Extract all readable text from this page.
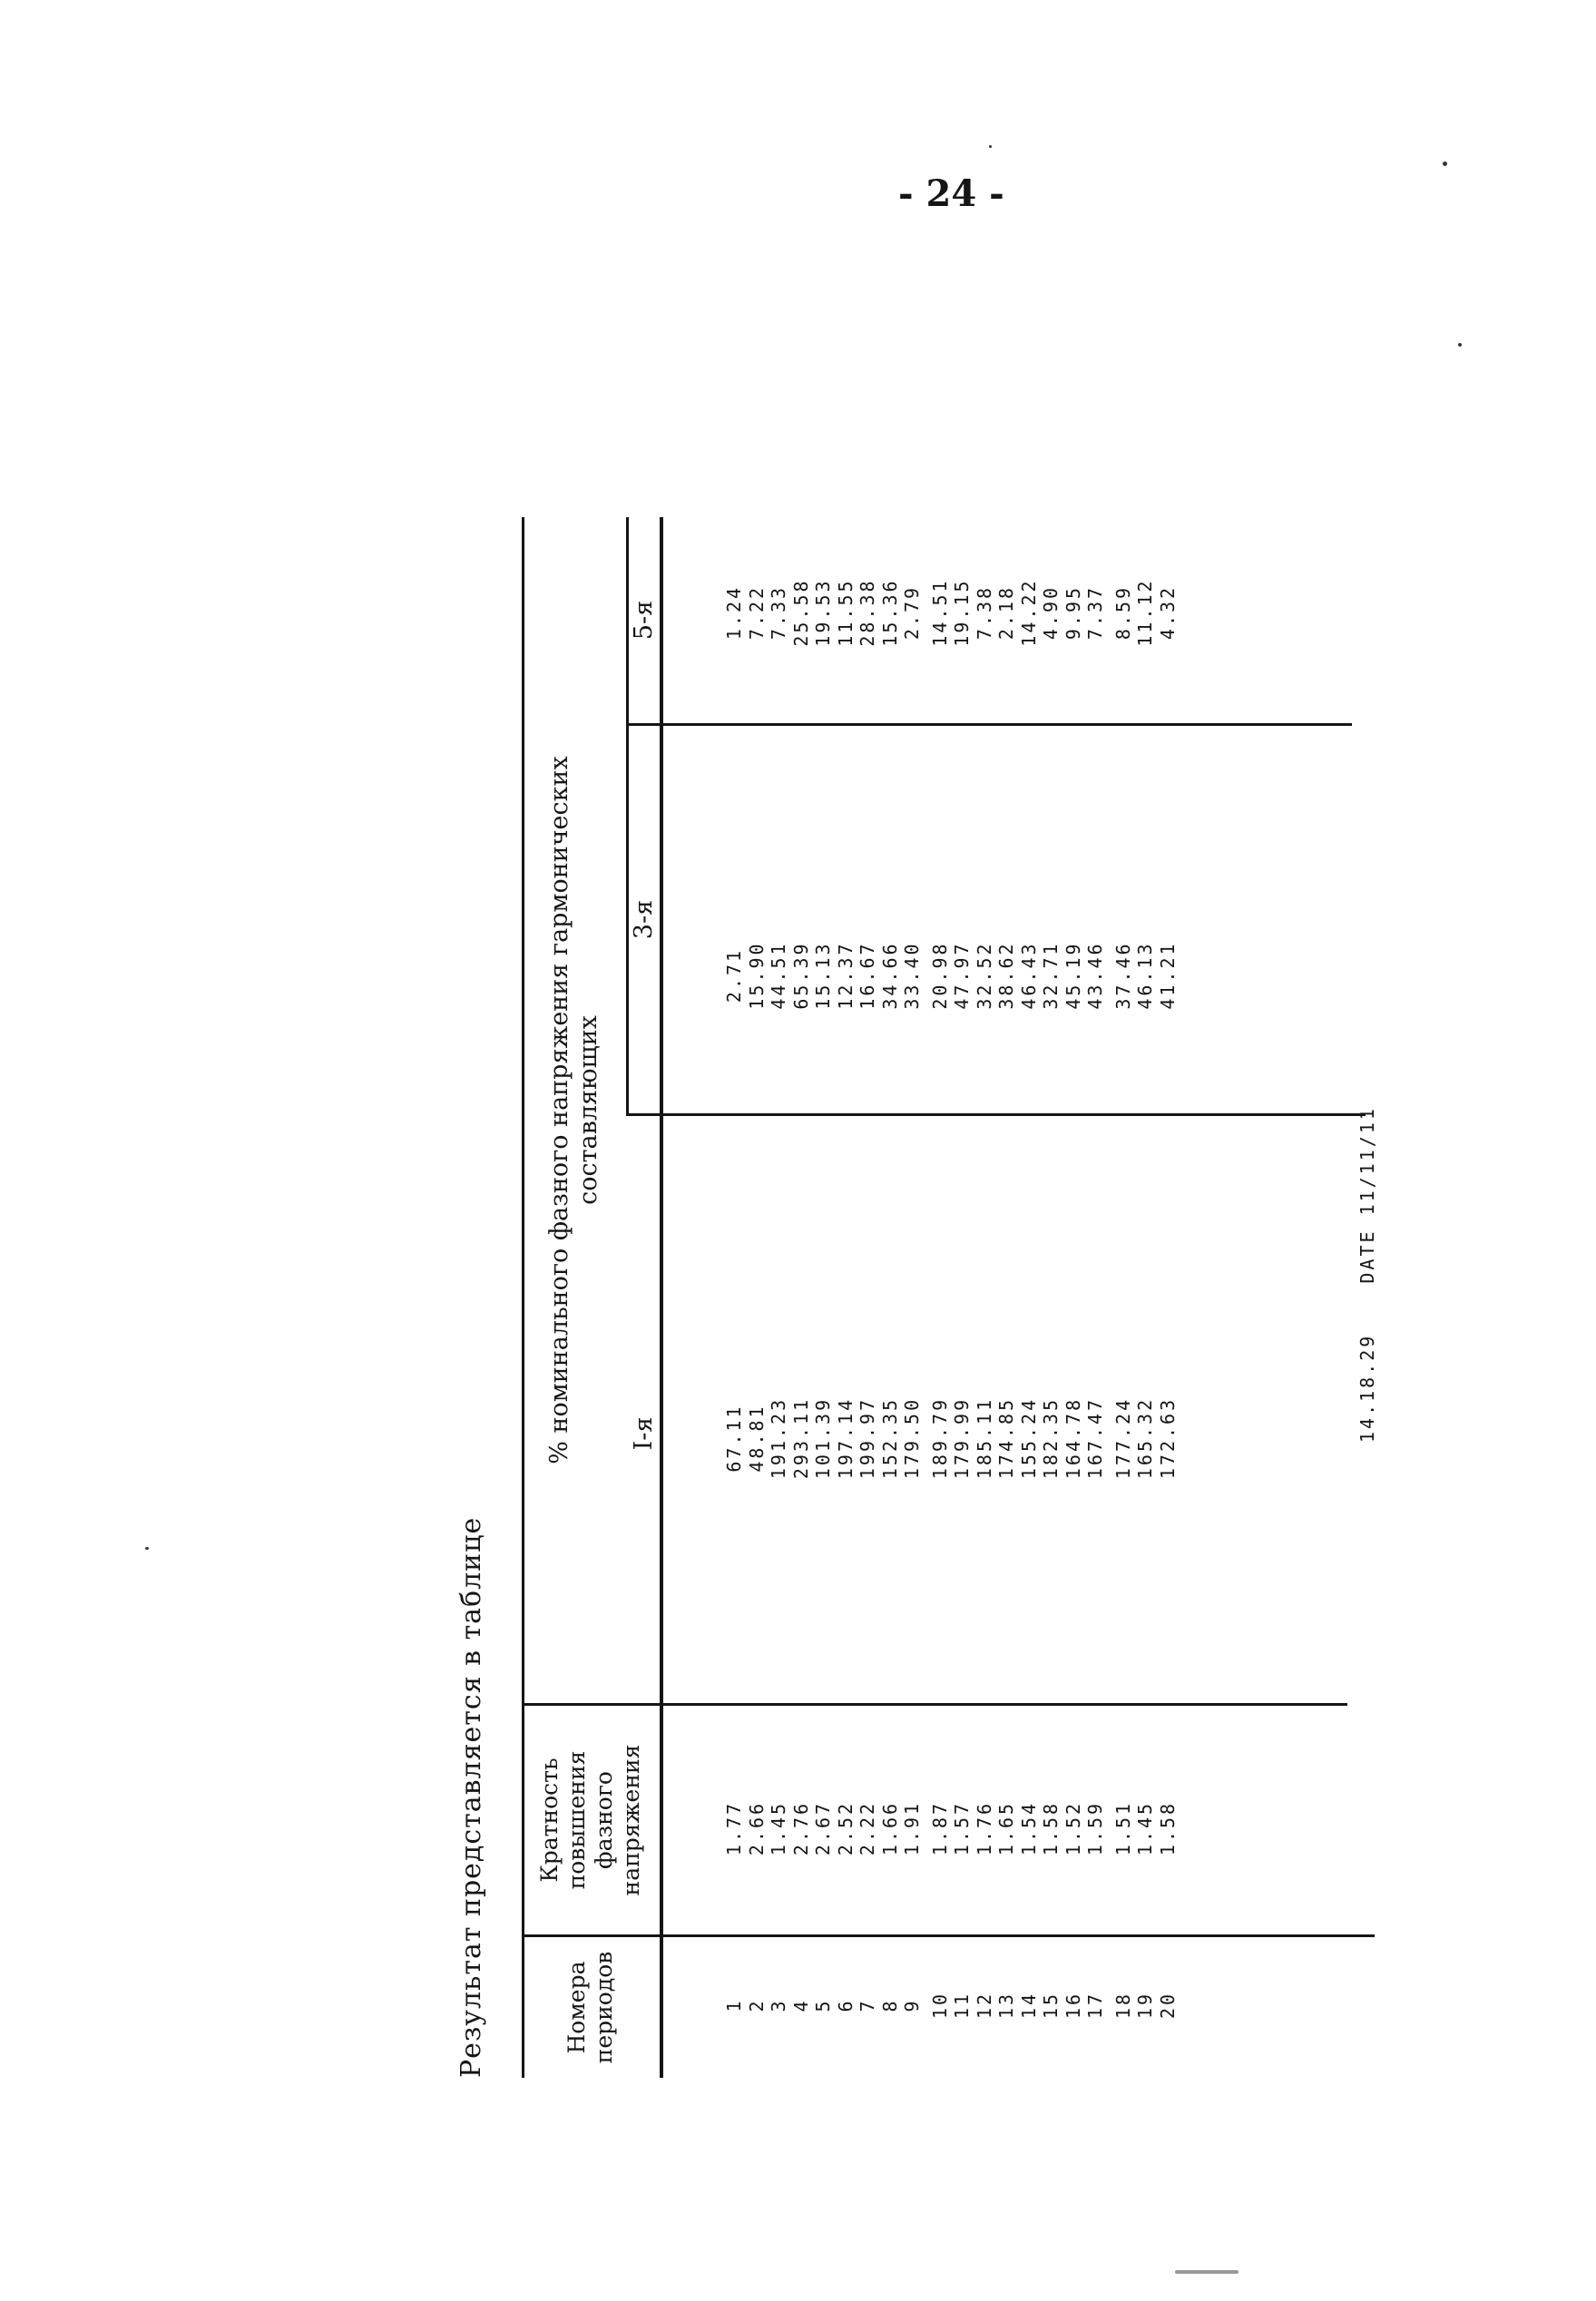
- 24 -
Результат представляется в таблице	Номера периодов
Кратность повышения фазного напряжения
% номинального фазного напряжения гармонических составляющих
I-я
3-я
5-я
1 2 3 4 5 6 7 8 9 10 11 12 13 14 15 16 17 18 19 20
1.77 2.66 1.45 2.76 2.67 2.52 2.22 1.66 1.91 1.87 1.57 1.76 1.65 1.54 1.58 1.52 1.59 1.51 1.45 1.58
67.11 48.81 191.23 293.11 101.39 197.14 199.97 152.35 179.50 189.79 179.99 185.11 174.85 155.24 182.35 164.78 167.47 177.24 165.32 172.63
2.71 15.90 44.51 65.39 15.13 12.37 16.67 34.66 33.40 20.98 47.97 32.52 38.62 46.43 32.71 45.19 43.46 37.46 46.13 41.21
1.24 7.22 7.33 25.58 19.53 11.55 28.38 15.36 2.79 14.51 19.15 7.38 2.18 14.22 4.90 9.95 7.37 8.59 11.12 4.32
14.18.29 DATE 11/11/11
